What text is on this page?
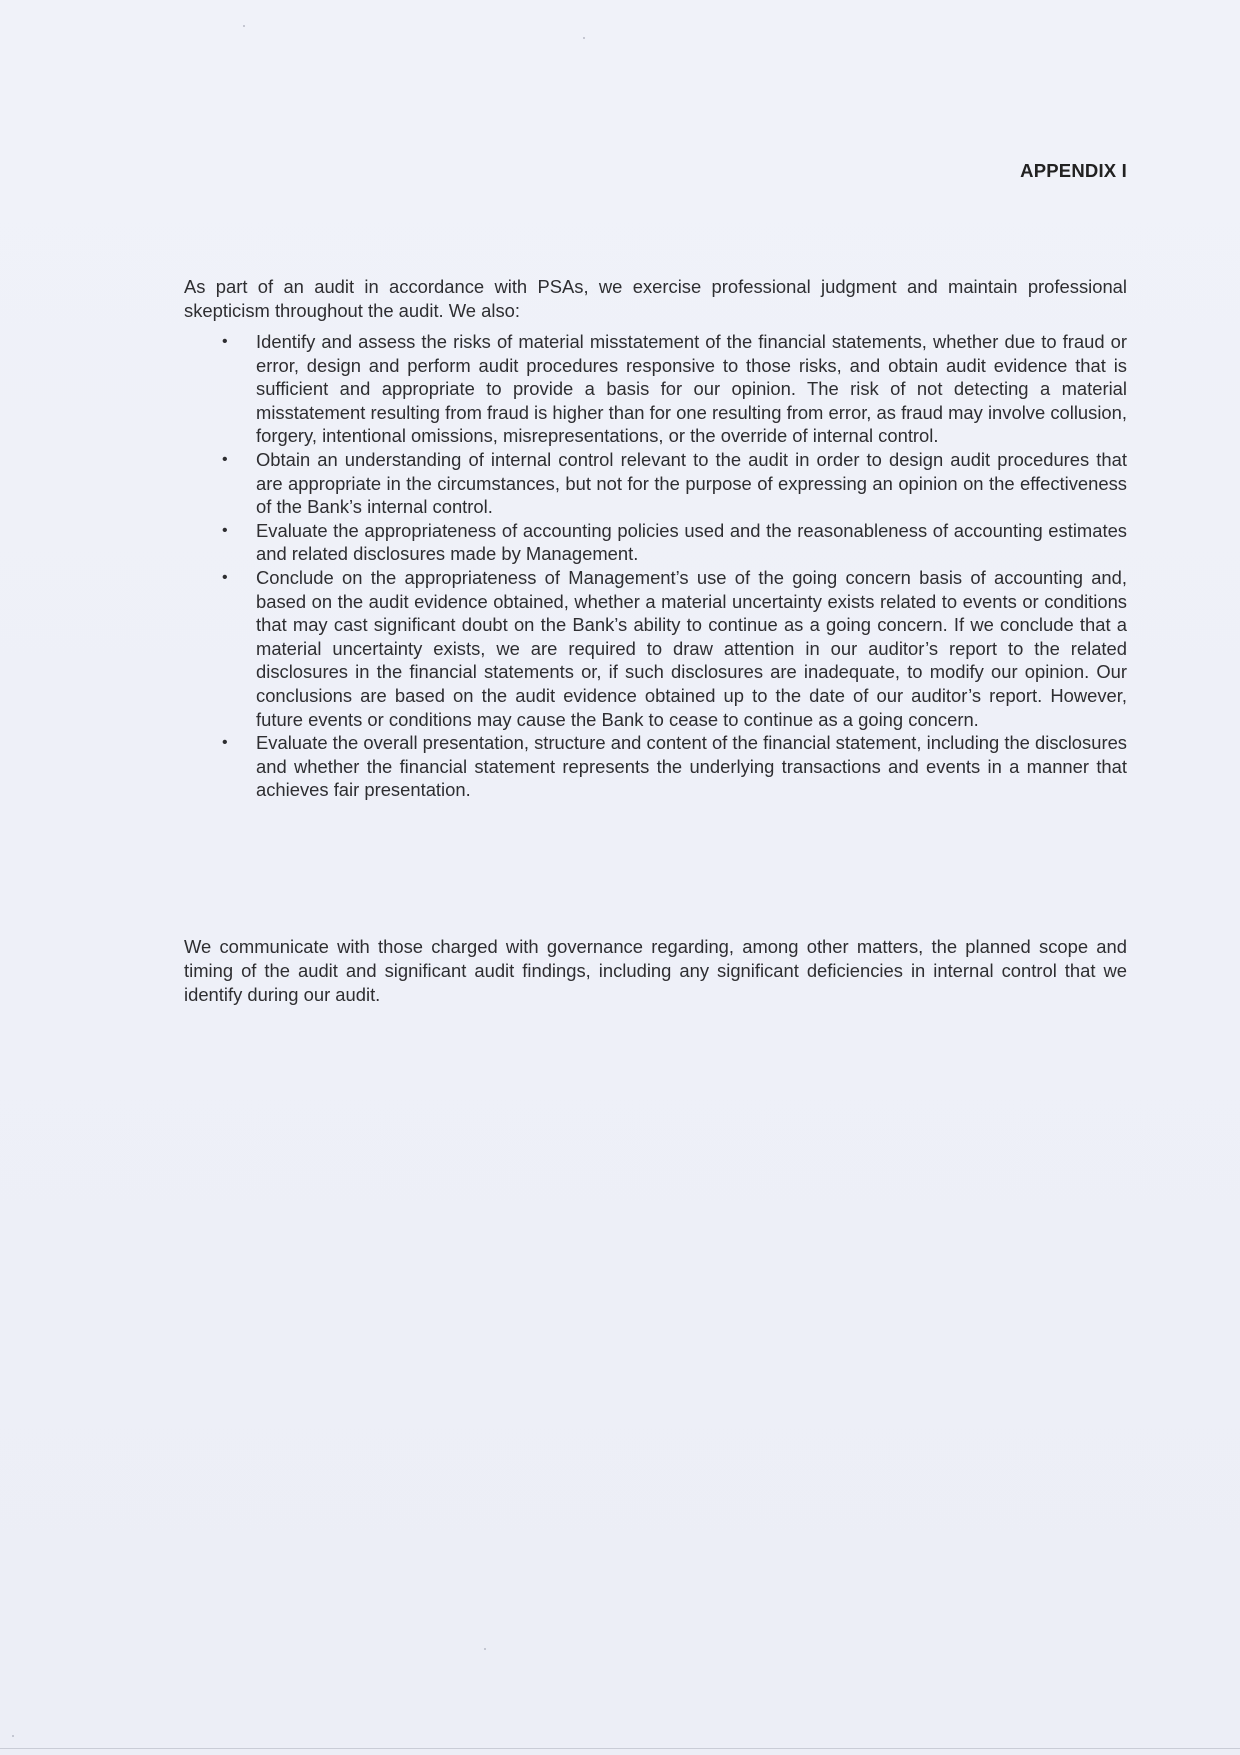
APPENDIX I

As part of an audit in accordance with PSAs, we exercise professional judgment and maintain professional skepticism throughout the audit. We also:

• Identify and assess the risks of material misstatement of the financial statements, whether due to fraud or error, design and perform audit procedures responsive to those risks, and obtain audit evidence that is sufficient and appropriate to provide a basis for our opinion. The risk of not detecting a material misstatement resulting from fraud is higher than for one resulting from error, as fraud may involve collusion, forgery, intentional omissions, misrepresentations, or the override of internal control.
• Obtain an understanding of internal control relevant to the audit in order to design audit procedures that are appropriate in the circumstances, but not for the purpose of expressing an opinion on the effectiveness of the Bank’s internal control.
• Evaluate the appropriateness of accounting policies used and the reasonableness of accounting estimates and related disclosures made by Management.
• Conclude on the appropriateness of Management’s use of the going concern basis of accounting and, based on the audit evidence obtained, whether a material uncertainty exists related to events or conditions that may cast significant doubt on the Bank’s ability to continue as a going concern. If we conclude that a material uncertainty exists, we are required to draw attention in our auditor’s report to the related disclosures in the financial statements or, if such disclosures are inadequate, to modify our opinion. Our conclusions are based on the audit evidence obtained up to the date of our auditor’s report. However, future events or conditions may cause the Bank to cease to continue as a going concern.
• Evaluate the overall presentation, structure and content of the financial statement, including the disclosures and whether the financial statement represents the underlying transactions and events in a manner that achieves fair presentation.

We communicate with those charged with governance regarding, among other matters, the planned scope and timing of the audit and significant audit findings, including any significant deficiencies in internal control that we identify during our audit.
